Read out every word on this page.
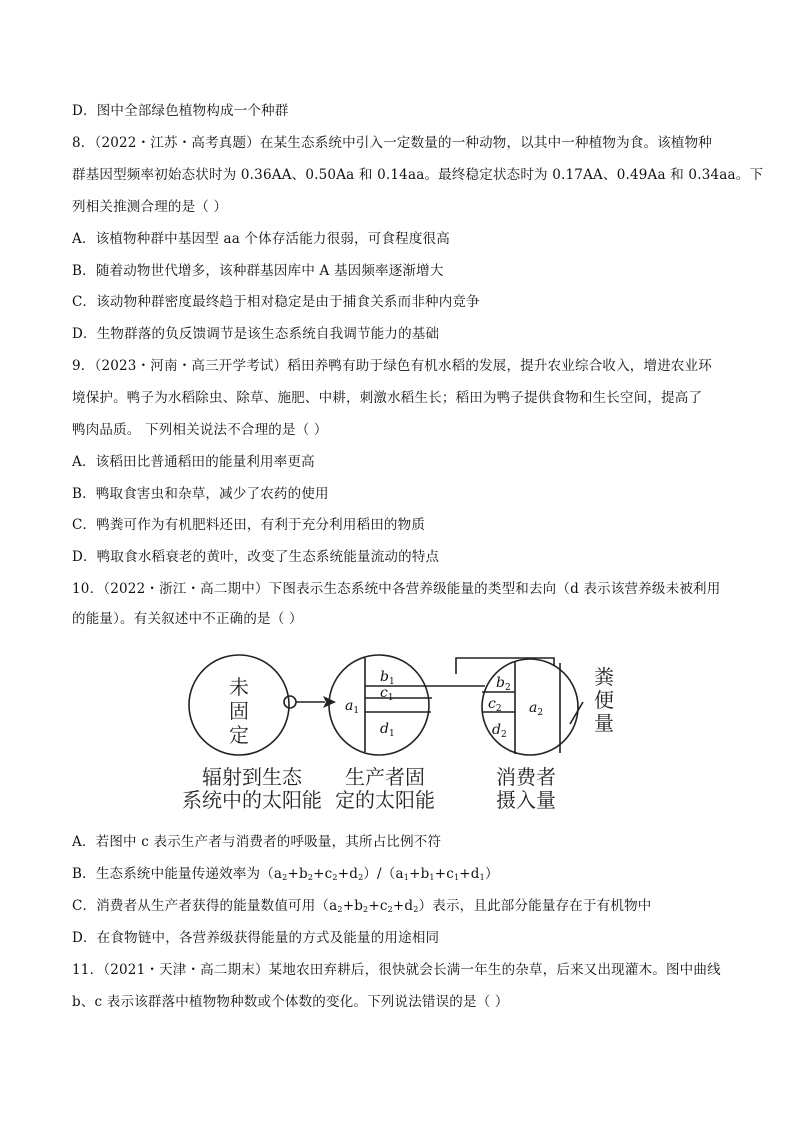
D．图中全部绿色植物构成一个种群
8．（2022・江苏・高考真题）在某生态系统中引入一定数量的一种动物，以其中一种植物为食。该植物种
群基因型频率初始态状时为 0.36AA、0.50Aa 和 0.14aa。最终稳定状态时为 0.17AA、0.49Aa 和 0.34aa。下
列相关推测合理的是（ ）
A．该植物种群中基因型 aa 个体存活能力很弱，可食程度很高
B．随着动物世代增多，该种群基因库中 A 基因频率逐渐增大
C．该动物种群密度最终趋于相对稳定是由于捕食关系而非种内竞争
D．生物群落的负反馈调节是该生态系统自我调节能力的基础
9．（2023・河南・高三开学考试）稻田养鸭有助于绿色有机水稻的发展，提升农业综合收入，增进农业环
境保护。鸭子为水稻除虫、除草、施肥、中耕，刺激水稻生长；稻田为鸭子提供食物和生长空间，提高了
鸭肉品质。 下列相关说法不合理的是（ ）
A．该稻田比普通稻田的能量利用率更高
B．鸭取食害虫和杂草，减少了农药的使用
C．鸭粪可作为有机肥料还田，有利于充分利用稻田的物质
D．鸭取食水稻衰老的黄叶，改变了生态系统能量流动的特点
10．（2022・浙江・高二期中）下图表示生态系统中各营养级能量的类型和去向（d 表示该营养级未被利用
的能量）。有关叙述中不正确的是（ ）
未
固
定
$a_1$
$b_1$
$c_1$
$d_1$
$b_2$
$c_2$
$d_2$
$a_2$
粪
便
量
辐射到生态
系统中的太阳能
生产者固
定的太阳能
消费者
摄入量
A．若图中 c 表示生产者与消费者的呼吸量，其所占比例不符
B．生态系统中能量传递效率为$(a_2+b_2+c_2+d_2)/(a_1+b_1+c_1+d_1)$
C．消费者从生产者获得的能量数值可用$(a_2+b_2+c_2+d_2)$表示，且此部分能量存在于有机物中
D．在食物链中，各营养级获得能量的方式及能量的用途相同
11．（2021・天津・高二期末）某地农田弃耕后，很快就会长满一年生的杂草，后来又出现灌木。图中曲线
b、c 表示该群落中植物物种数或个体数的变化。下列说法错误的是（ ）
